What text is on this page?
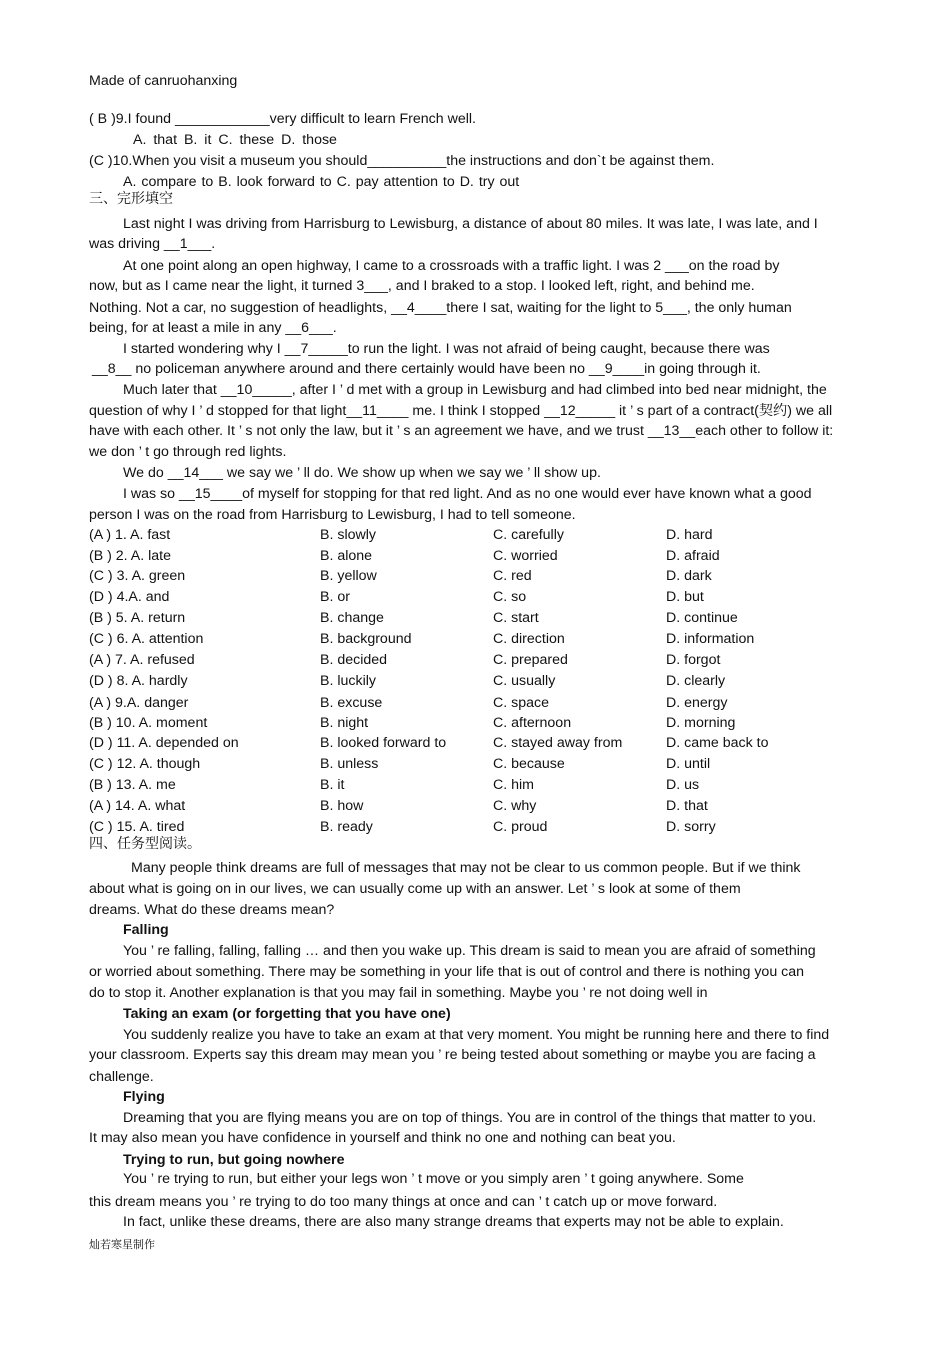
Made of canruohanxing
( B )9.I found ____________very difficult to learn French well.
A. that B. it C. these D. those
(C )10.When you visit a museum you should__________the instructions and don`t be against them.
A. compare to B. look forward to C. pay attention to D. try out
三、完形填空
Last night I was driving from Harrisburg to Lewisburg, a distance of about 80 miles. It was late, I was late, and I
was driving __1___.
At one point along an open highway, I came to a crossroads with a traffic light. I was 2 ___on the road by
now, but as I came near the light, it turned 3___, and I braked to a stop. I looked left, right, and behind me.
Nothing. Not a car, no suggestion of headlights, __4____there I sat, waiting for the light to 5___, the only human
being, for at least a mile in any __6___.
I started wondering why I __7_____to run the light. I was not afraid of being caught, because there was
__8__ no policeman anywhere around and there certainly would have been no __9____in going through it.
Much later that __10_____, after I ’ d met with a group in Lewisburg and had climbed into bed near midnight, the
question of why I ’ d stopped for that light__11____ me. I think I stopped __12_____ it ’ s part of a contract(契约) we all
have with each other. It ’ s not only the law, but it ’ s an agreement we have, and we trust __13__each other to follow it:
we don ’ t go through red lights.
We do __14___ we say we ’ ll do. We show up when we say we ’ ll show up.
I was so __15____of myself for stopping for that red light. And as no one would ever have known what a good
person I was on the road from Harrisburg to Lewisburg, I had to tell someone.
(A ) 1. A. fast	B. slowly	C. carefully	D. hard
(B ) 2. A. late	B. alone	C. worried	D. afraid
(C ) 3. A. green	B. yellow	C. red	D. dark
(D ) 4.A. and	B. or	C. so	D. but
(B ) 5. A. return	B. change	C. start	D. continue
(C ) 6. A. attention	B. background	C. direction	D. information
(A ) 7. A. refused	B. decided	C. prepared	D. forgot
(D ) 8. A. hardly	B. luckily	C. usually	D. clearly
(A ) 9.A. danger	B. excuse	C. space	D. energy
(B ) 10. A. moment	B. night	C. afternoon	D. morning
(D ) 11. A. depended on	B. looked forward to	C. stayed away from	D. came back to
(C ) 12. A. though	B. unless	C. because	D. until
(B ) 13. A. me	B. it	C. him	D. us
(A ) 14. A. what	B. how	C. why	D. that
(C ) 15. A. tired	B. ready	C. proud	D. sorry
四、任务型阅读。
Many people think dreams are full of messages that may not be clear to us common people. But if we think
about what is going on in our lives, we can usually come up with an answer. Let ’ s look at some of them
dreams. What do these dreams mean?
Falling
You ’ re falling, falling, falling … and then you wake up. This dream is said to mean you are afraid of something
or worried about something. There may be something in your life that is out of control and there is nothing you can
do to stop it. Another explanation is that you may fail in something. Maybe you ’ re not doing well in
Taking an exam (or forgetting that you have one)
You suddenly realize you have to take an exam at that very moment. You might be running here and there to find
your classroom. Experts say this dream may mean you ’ re being tested about something or maybe you are facing a
challenge.
Flying
Dreaming that you are flying means you are on top of things. You are in control of the things that matter to you.
It may also mean you have confidence in yourself and think no one and nothing can beat you.
Trying to run, but going nowhere
You ’ re trying to run, but either your legs won ’ t move or you simply aren ’ t going anywhere. Some
this dream means you ’ re trying to do too many things at once and can ’ t catch up or move forward.
In fact, unlike these dreams, there are also many strange dreams that experts may not be able to explain.
灿若寒星制作
